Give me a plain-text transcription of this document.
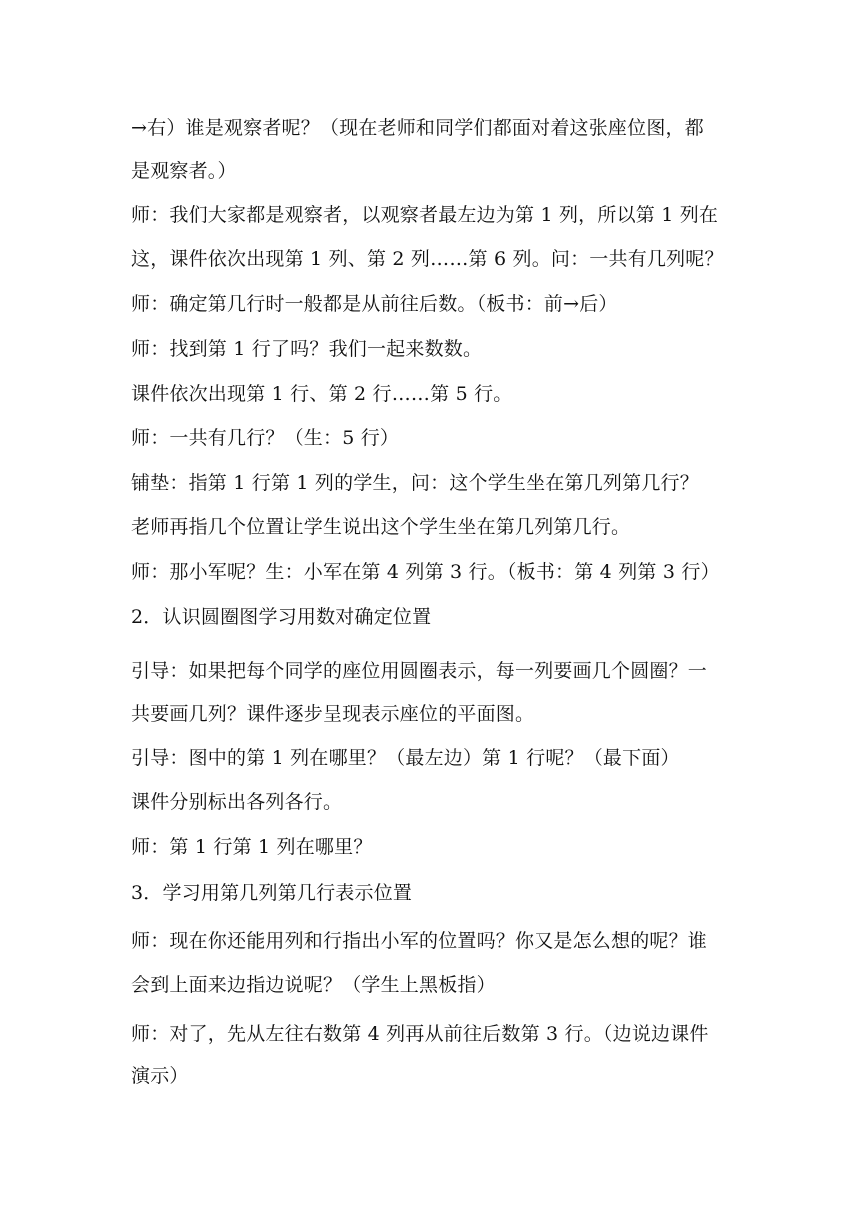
→右）谁是观察者呢？（现在老师和同学们都面对着这张座位图，都
是观察者。）
师：我们大家都是观察者，以观察者最左边为第 1 列，所以第 1 列在
这，课件依次出现第 1 列、第 2 列……第 6 列。问：一共有几列呢？
师：确定第几行时一般都是从前往后数。（板书：前→后）
师：找到第 1 行了吗？我们一起来数数。
课件依次出现第 1 行、第 2 行……第 5 行。
师：一共有几行？（生：5 行）
铺垫：指第 1 行第 1 列的学生，问：这个学生坐在第几列第几行？
老师再指几个位置让学生说出这个学生坐在第几列第几行。
师：那小军呢？生：小军在第 4 列第 3 行。（板书：第 4 列第 3 行）
2．认识圆圈图学习用数对确定位置
引导：如果把每个同学的座位用圆圈表示，每一列要画几个圆圈？一
共要画几列？课件逐步呈现表示座位的平面图。
引导：图中的第 1 列在哪里？（最左边）第 1 行呢？（最下面）
课件分别标出各列各行。
师：第 1 行第 1 列在哪里？
3．学习用第几列第几行表示位置
师：现在你还能用列和行指出小军的位置吗？你又是怎么想的呢？谁
会到上面来边指边说呢？（学生上黑板指）
师：对了，先从左往右数第 4 列再从前往后数第 3 行。（边说边课件
演示）
